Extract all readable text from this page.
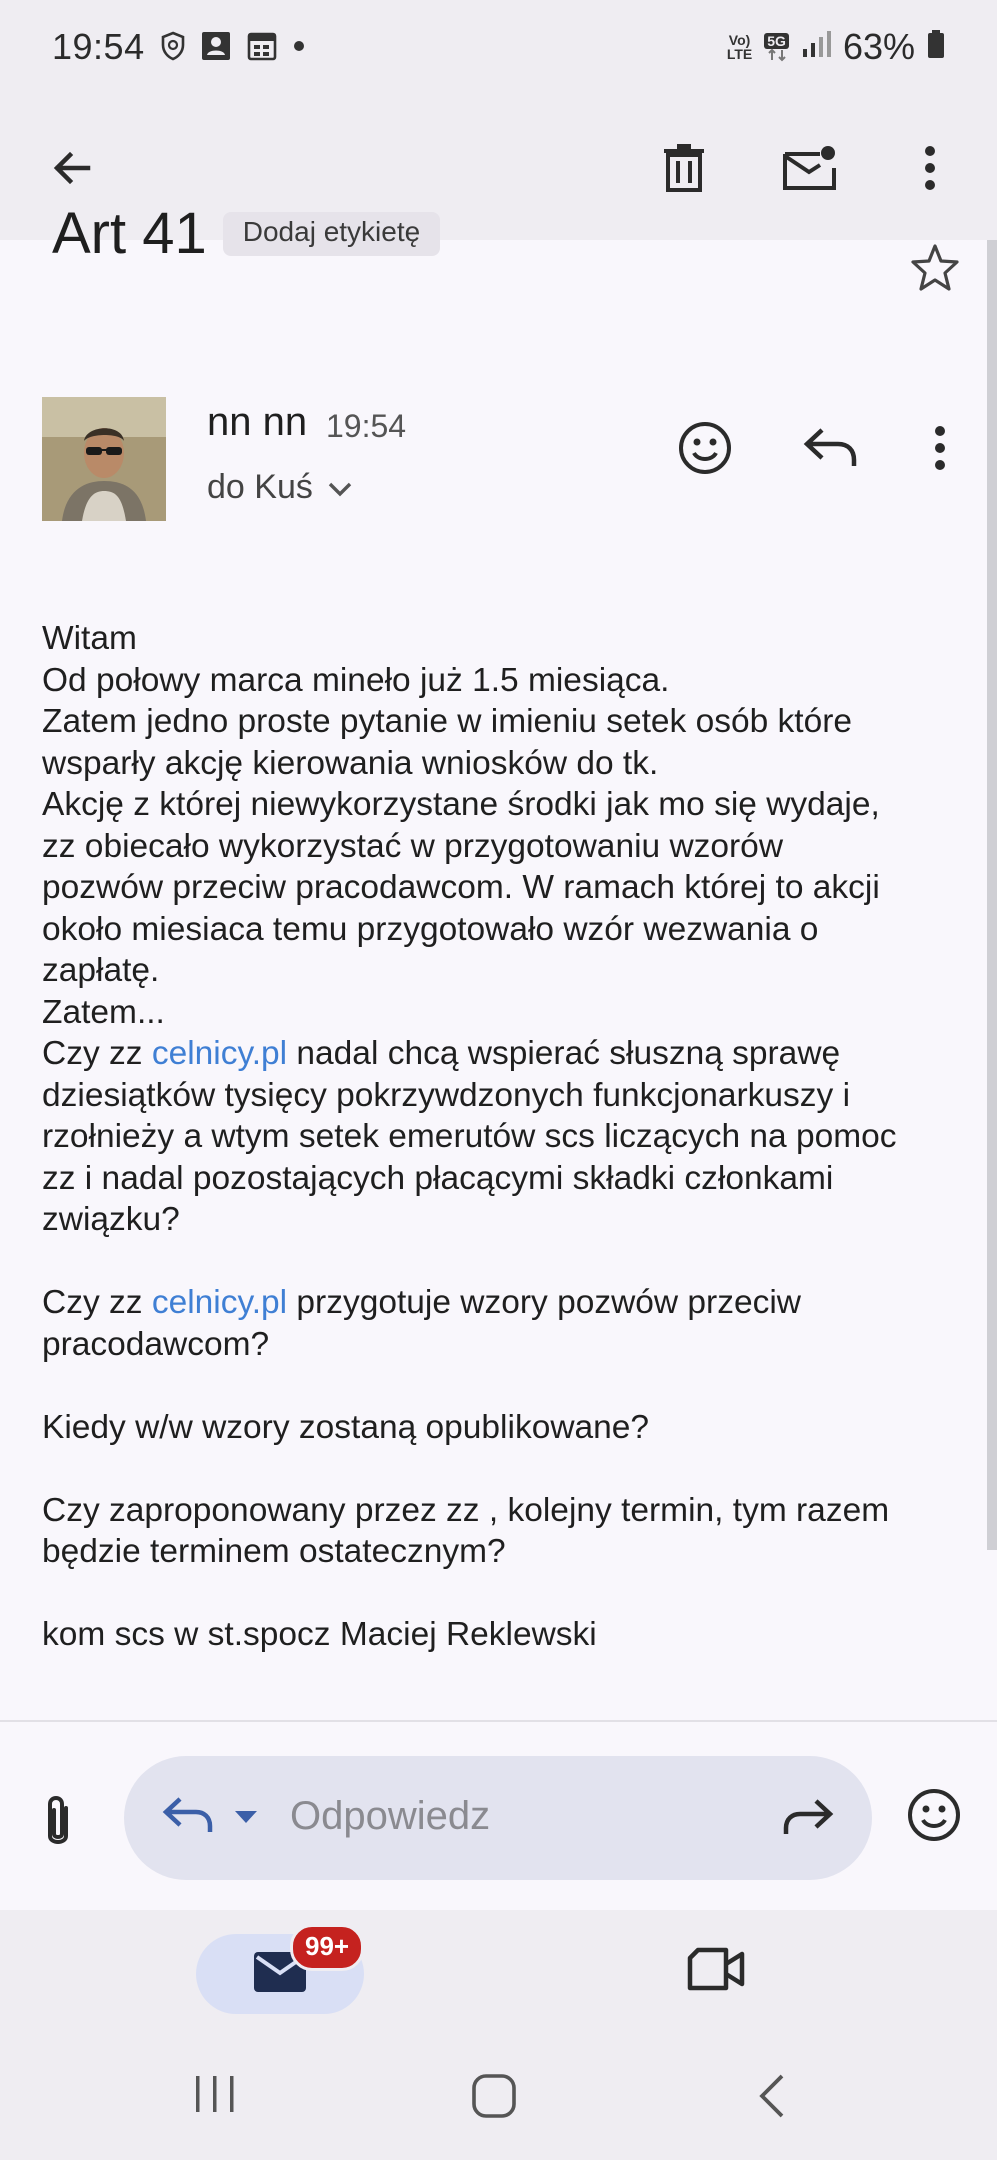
19:54	Vo)
LTE
5G 63%
Art 41	Dodaj etykietę
nn nn 19:54
do Kuś
Witam
Od połowy marca mineło już 1.5 miesiąca.
Zatem jedno proste pytanie w imieniu setek osób które
wsparły akcję kierowania wniosków do tk.
Akcję z której niewykorzystane środki jak mo się wydaje,
zz obiecało wykorzystać w przygotowaniu wzorów
pozwów przeciw pracodawcom. W ramach której to akcji
około miesiaca temu przygotowało wzór wezwania o
zapłatę.
Zatem...
Czy zz celnicy.pl nadal chcą wspierać słuszną sprawę
dziesiątków tysięcy pokrzywdzonych funkcjonarkuszy i
rzołnieży a wtym setek emerutów scs liczących na pomoc
zz i nadal pozostających płacącymi składki członkami
związku?
Czy zz celnicy.pl przygotuje wzory pozwów przeciw
pracodawcom?
Kiedy w/w wzory zostaną opublikowane?
Czy zaproponowany przez zz , kolejny termin, tym razem
będzie terminem ostatecznym?
kom scs w st.spocz Maciej Reklewski
Odpowiedz
99+
